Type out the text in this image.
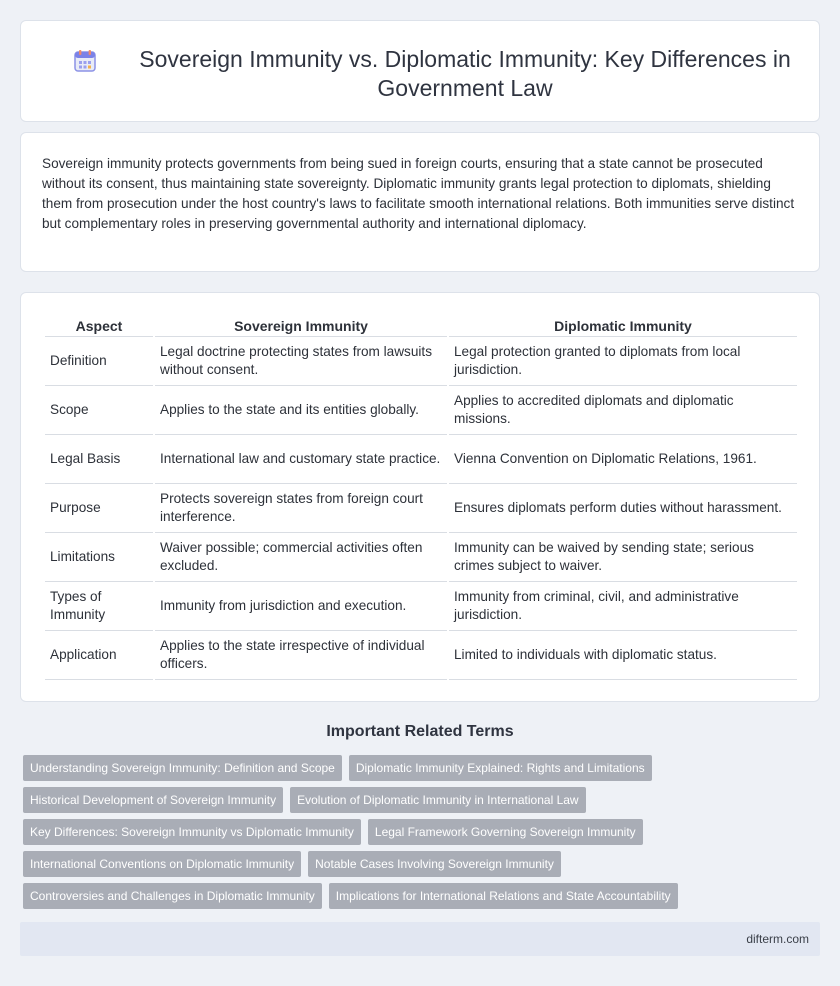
Sovereign Immunity vs. Diplomatic Immunity: Key Differences in Government Law

Sovereign immunity protects governments from being sued in foreign courts, ensuring that a state cannot be prosecuted without its consent, thus maintaining state sovereignty. Diplomatic immunity grants legal protection to diplomats, shielding them from prosecution under the host country's laws to facilitate smooth international relations. Both immunities serve distinct but complementary roles in preserving governmental authority and international diplomacy.

Aspect	Sovereign Immunity	Diplomatic Immunity
Definition	Legal doctrine protecting states from lawsuits without consent.	Legal protection granted to diplomats from local jurisdiction.
Scope	Applies to the state and its entities globally.	Applies to accredited diplomats and diplomatic missions.
Legal Basis	International law and customary state practice.	Vienna Convention on Diplomatic Relations, 1961.
Purpose	Protects sovereign states from foreign court interference.	Ensures diplomats perform duties without harassment.
Limitations	Waiver possible; commercial activities often excluded.	Immunity can be waived by sending state; serious crimes subject to waiver.
Types of Immunity	Immunity from jurisdiction and execution.	Immunity from criminal, civil, and administrative jurisdiction.
Application	Applies to the state irrespective of individual officers.	Limited to individuals with diplomatic status.
Important Related Terms
Understanding Sovereign Immunity: Definition and Scope	Diplomatic Immunity Explained: Rights and Limitations
Historical Development of Sovereign Immunity	Evolution of Diplomatic Immunity in International Law
Key Differences: Sovereign Immunity vs Diplomatic Immunity	Legal Framework Governing Sovereign Immunity
International Conventions on Diplomatic Immunity	Notable Cases Involving Sovereign Immunity
Controversies and Challenges in Diplomatic Immunity	Implications for International Relations and State Accountability
difterm.com
